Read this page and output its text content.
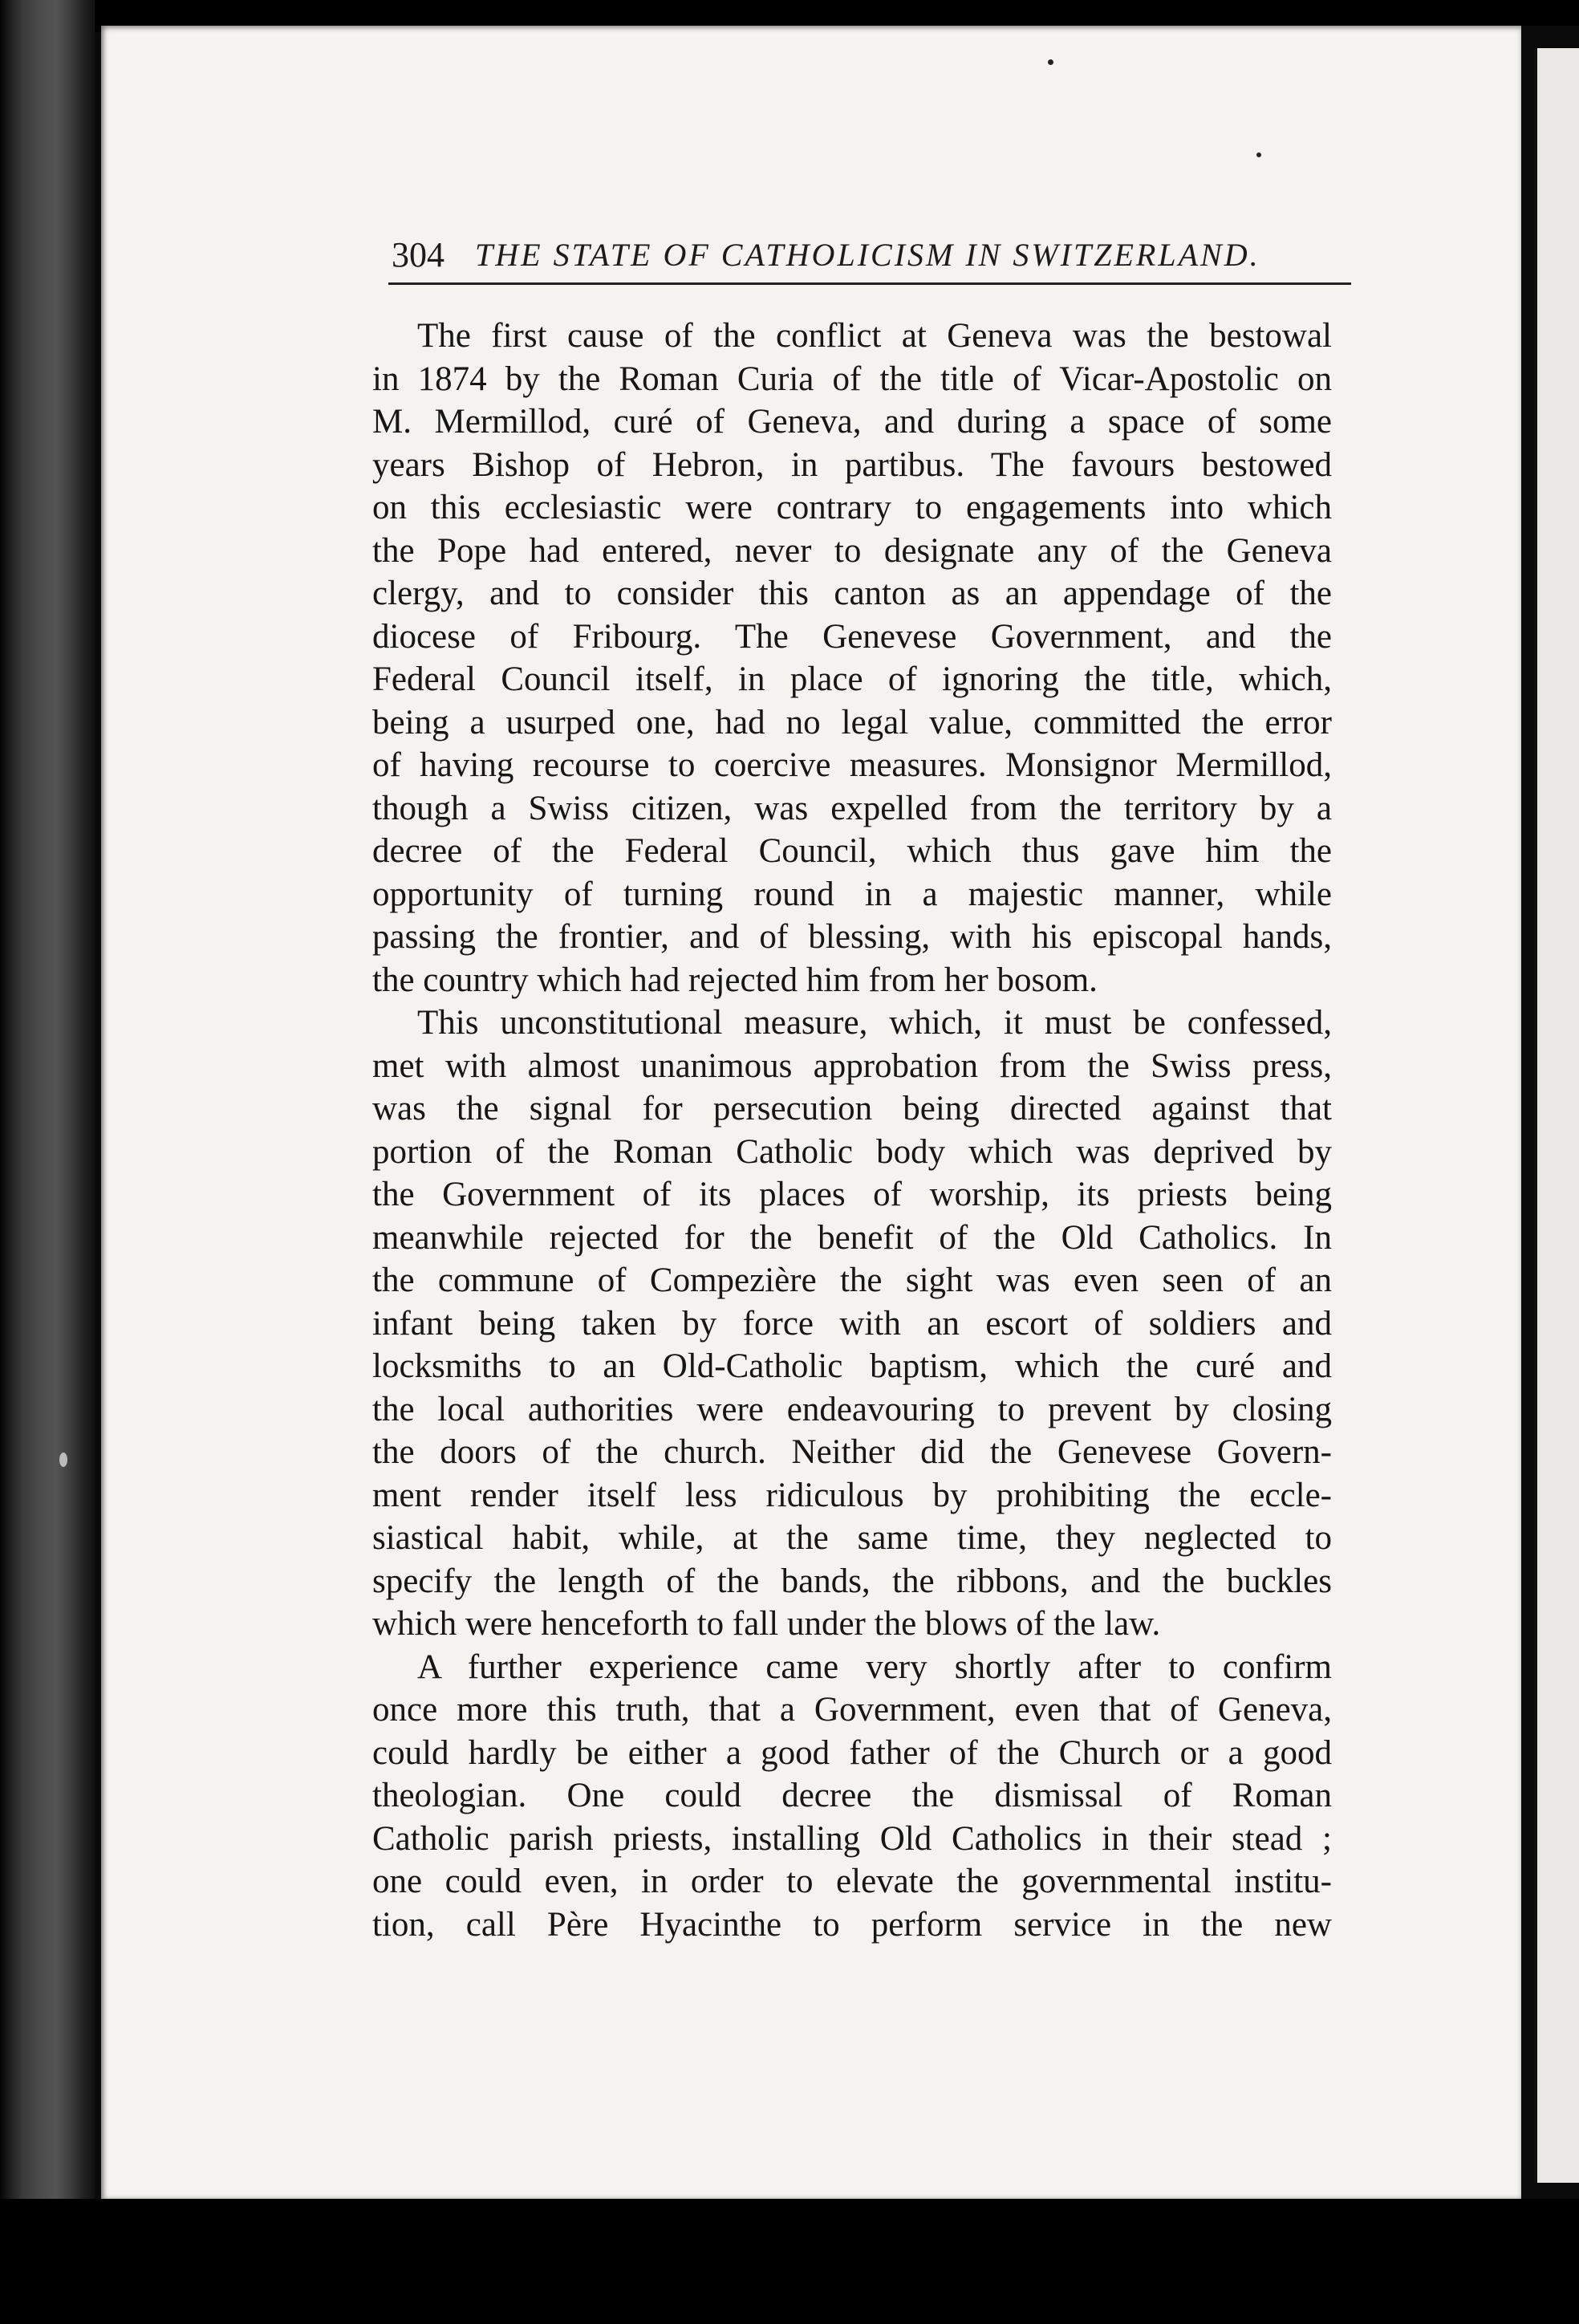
304 THE STATE OF CATHOLICISM IN SWITZERLAND.
The first cause of the conflict at Geneva was the bestowal
in 1874 by the Roman Curia of the title of Vicar-Apostolic on
M. Mermillod, curé of Geneva, and during a space of some
years Bishop of Hebron, in partibus. The favours bestowed
on this ecclesiastic were contrary to engagements into which
the Pope had entered, never to designate any of the Geneva
clergy, and to consider this canton as an appendage of the
diocese of Fribourg. The Genevese Government, and the
Federal Council itself, in place of ignoring the title, which,
being a usurped one, had no legal value, committed the error
of having recourse to coercive measures. Monsignor Mermillod,
though a Swiss citizen, was expelled from the territory by a
decree of the Federal Council, which thus gave him the
opportunity of turning round in a majestic manner, while
passing the frontier, and of blessing, with his episcopal hands,
the country which had rejected him from her bosom.
This unconstitutional measure, which, it must be confessed,
met with almost unanimous approbation from the Swiss press,
was the signal for persecution being directed against that
portion of the Roman Catholic body which was deprived by
the Government of its places of worship, its priests being
meanwhile rejected for the benefit of the Old Catholics. In
the commune of Compezière the sight was even seen of an
infant being taken by force with an escort of soldiers and
locksmiths to an Old-Catholic baptism, which the curé and
the local authorities were endeavouring to prevent by closing
the doors of the church. Neither did the Genevese Govern-
ment render itself less ridiculous by prohibiting the eccle-
siastical habit, while, at the same time, they neglected to
specify the length of the bands, the ribbons, and the buckles
which were henceforth to fall under the blows of the law.
A further experience came very shortly after to confirm
once more this truth, that a Government, even that of Geneva,
could hardly be either a good father of the Church or a good
theologian. One could decree the dismissal of Roman
Catholic parish priests, installing Old Catholics in their stead ;
one could even, in order to elevate the governmental institu-
tion, call Père Hyacinthe to perform service in the new
